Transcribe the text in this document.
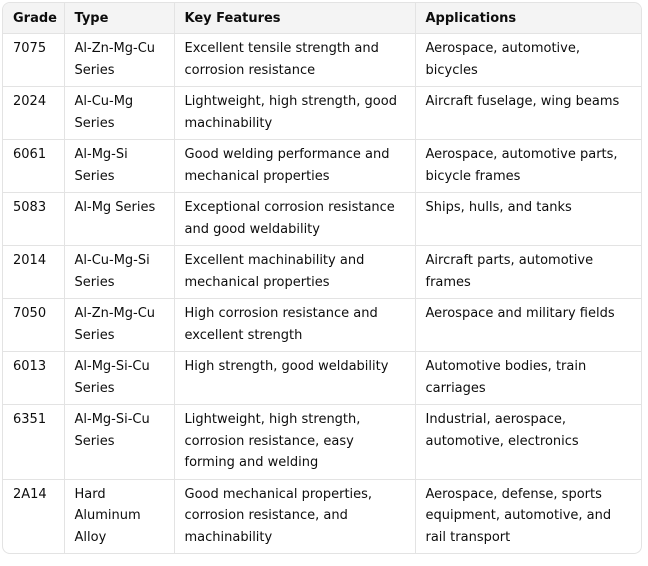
Grade	Type	Key Features	Applications
7075	Al-Zn-Mg-Cu Series	Excellent tensile strength and corrosion resistance	Aerospace, automotive, bicycles
2024	Al-Cu-Mg Series	Lightweight, high strength, good machinability	Aircraft fuselage, wing beams
6061	Al-Mg-Si Series	Good welding performance and mechanical properties	Aerospace, automotive parts, bicycle frames
5083	Al-Mg Series	Exceptional corrosion resistance and good weldability	Ships, hulls, and tanks
2014	Al-Cu-Mg-Si Series	Excellent machinability and mechanical properties	Aircraft parts, automotive frames
7050	Al-Zn-Mg-Cu Series	High corrosion resistance and excellent strength	Aerospace and military fields
6013	Al-Mg-Si-Cu Series	High strength, good weldability	Automotive bodies, train carriages
6351	Al-Mg-Si-Cu Series	Lightweight, high strength, corrosion resistance, easy forming and welding	Industrial, aerospace, automotive, electronics
2A14	Hard Aluminum Alloy	Good mechanical properties, corrosion resistance, and machinability	Aerospace, defense, sports equipment, automotive, and rail transport
